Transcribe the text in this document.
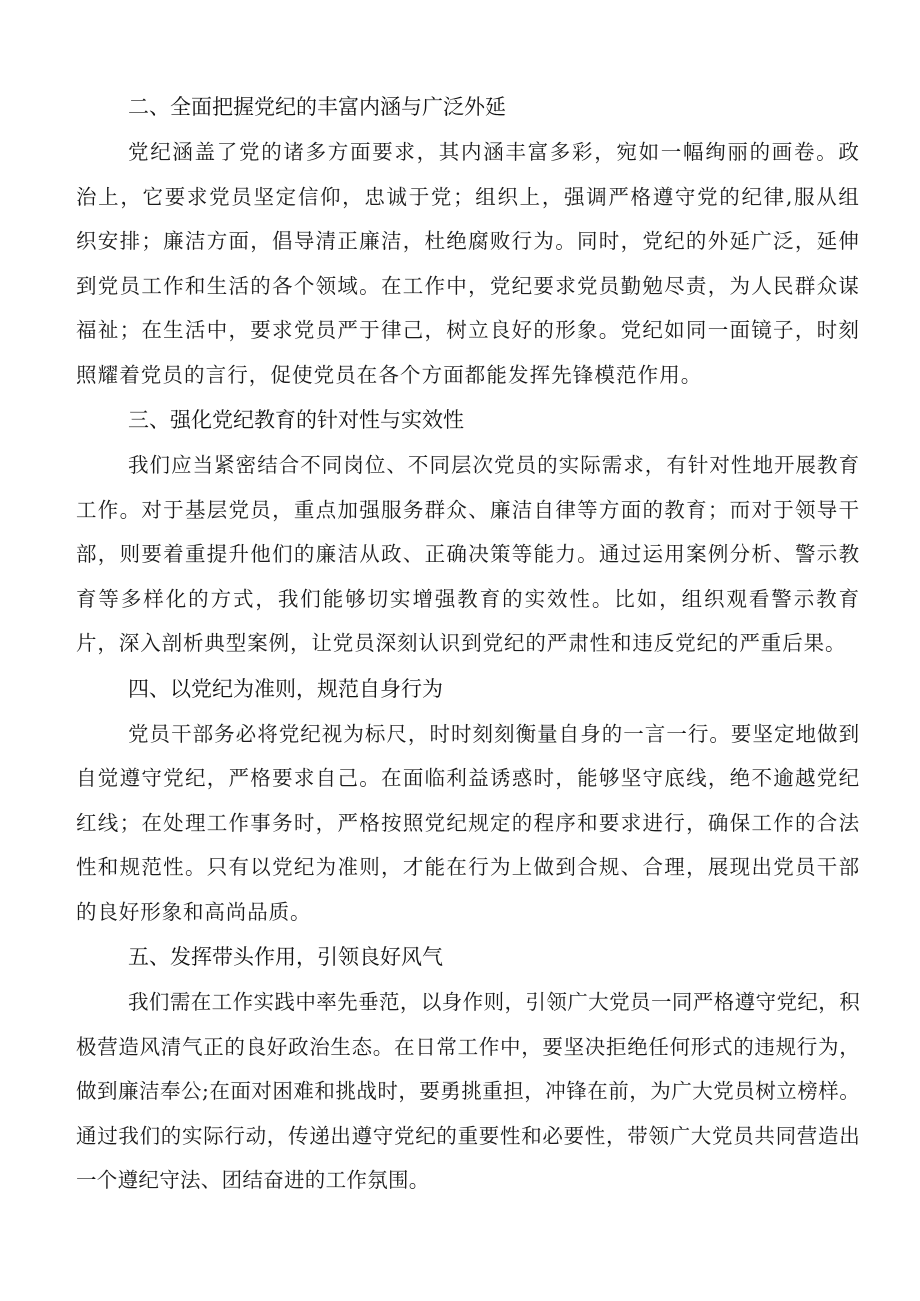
二、全面把握党纪的丰富内涵与广泛外延

党纪涵盖了党的诸多方面要求，其内涵丰富多彩，宛如一幅绚丽的画卷。政治上，它要求党员坚定信仰，忠诚于党；组织上，强调严格遵守党的纪律,服从组织安排；廉洁方面，倡导清正廉洁，杜绝腐败行为。同时，党纪的外延广泛，延伸到党员工作和生活的各个领域。在工作中，党纪要求党员勤勉尽责，为人民群众谋福祉；在生活中，要求党员严于律己，树立良好的形象。党纪如同一面镜子，时刻照耀着党员的言行，促使党员在各个方面都能发挥先锋模范作用。

三、强化党纪教育的针对性与实效性

我们应当紧密结合不同岗位、不同层次党员的实际需求，有针对性地开展教育工作。对于基层党员，重点加强服务群众、廉洁自律等方面的教育；而对于领导干部，则要着重提升他们的廉洁从政、正确决策等能力。通过运用案例分析、警示教育等多样化的方式，我们能够切实增强教育的实效性。比如，组织观看警示教育片，深入剖析典型案例，让党员深刻认识到党纪的严肃性和违反党纪的严重后果。

四、以党纪为准则，规范自身行为

党员干部务必将党纪视为标尺，时时刻刻衡量自身的一言一行。要坚定地做到自觉遵守党纪，严格要求自己。在面临利益诱惑时，能够坚守底线，绝不逾越党纪红线；在处理工作事务时，严格按照党纪规定的程序和要求进行，确保工作的合法性和规范性。只有以党纪为准则，才能在行为上做到合规、合理，展现出党员干部的良好形象和高尚品质。

五、发挥带头作用，引领良好风气

我们需在工作实践中率先垂范，以身作则，引领广大党员一同严格遵守党纪，积极营造风清气正的良好政治生态。在日常工作中，要坚决拒绝任何形式的违规行为，做到廉洁奉公;在面对困难和挑战时，要勇挑重担，冲锋在前，为广大党员树立榜样。通过我们的实际行动，传递出遵守党纪的重要性和必要性，带领广大党员共同营造出一个遵纪守法、团结奋进的工作氛围。
